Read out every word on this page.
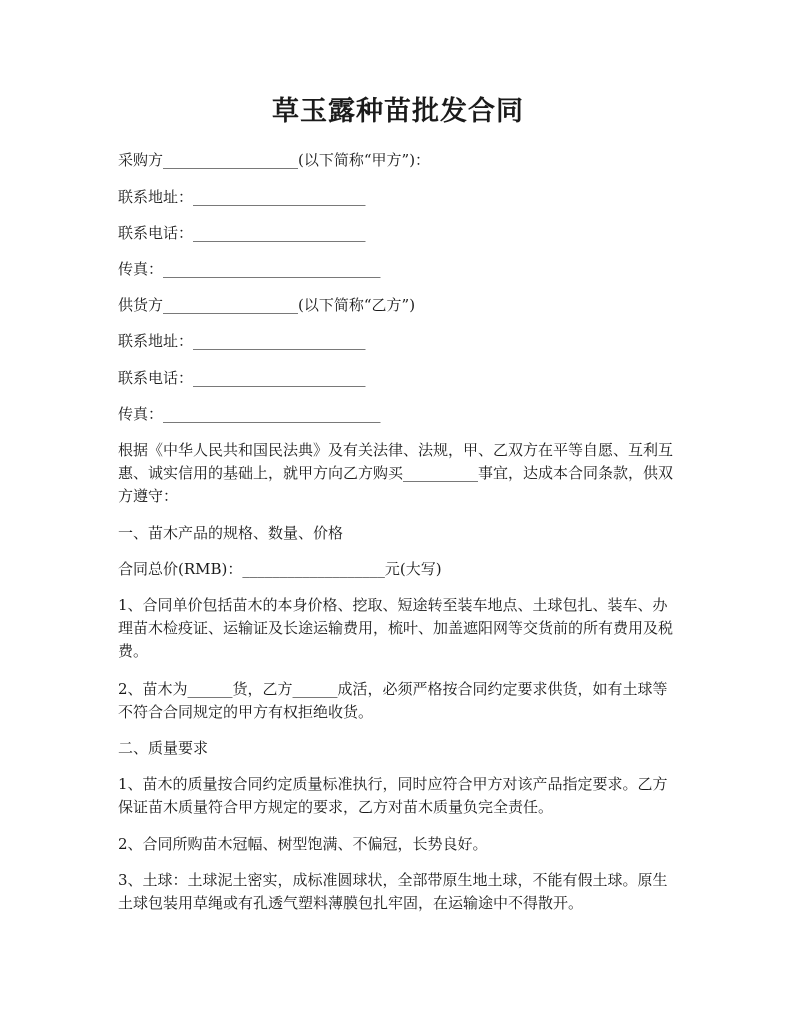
草玉露种苗批发合同
采购方__________________(以下简称“甲方”)：
联系地址：_______________________
联系电话：_______________________
传真：_____________________________
供货方__________________(以下简称“乙方”)
联系地址：_______________________
联系电话：_______________________
传真：_____________________________
根据《中华人民共和国民法典》及有关法律、法规，甲、乙双方在平等自愿、互利互惠、诚实信用的基础上，就甲方向乙方购买__________事宜，达成本合同条款，供双方遵守：
一、苗木产品的规格、数量、价格
合同总价(RMB)：___________________元(大写)
1、合同单价包括苗木的本身价格、挖取、短途转至装车地点、土球包扎、装车、办理苗木检疫证、运输证及长途运输费用，梳叶、加盖遮阳网等交货前的所有费用及税费。
2、苗木为______货，乙方______成活，必须严格按合同约定要求供货，如有土球等不符合合同规定的甲方有权拒绝收货。
二、质量要求
1、苗木的质量按合同约定质量标准执行，同时应符合甲方对该产品指定要求。乙方保证苗木质量符合甲方规定的要求，乙方对苗木质量负完全责任。
2、合同所购苗木冠幅、树型饱满、不偏冠，长势良好。
3、土球：土球泥土密实，成标准圆球状，全部带原生地土球，不能有假土球。原生土球包装用草绳或有孔透气塑料薄膜包扎牢固，在运输途中不得散开。
